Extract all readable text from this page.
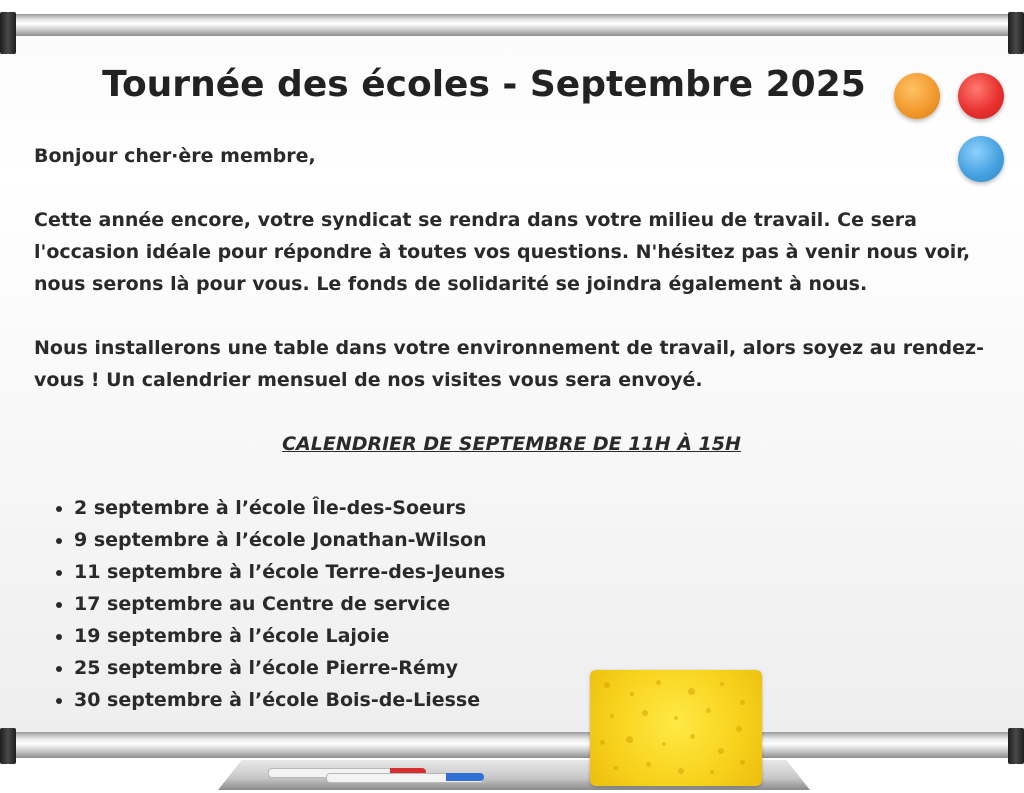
Tournée des écoles - Septembre 2025

Bonjour cher·ère membre,

Cette année encore, votre syndicat se rendra dans votre milieu de travail. Ce sera l'occasion idéale pour répondre à toutes vos questions. N'hésitez pas à venir nous voir, nous serons là pour vous. Le fonds de solidarité se joindra également à nous.

Nous installerons une table dans votre environnement de travail, alors soyez au rendez-vous ! Un calendrier mensuel de nos visites vous sera envoyé.

CALENDRIER DE SEPTEMBRE DE 11H À 15H
• 2 septembre à l’école Île-des-Soeurs
• 9 septembre à l’école Jonathan-Wilson
• 11 septembre à l’école Terre-des-Jeunes
• 17 septembre au Centre de service
• 19 septembre à l’école Lajoie
• 25 septembre à l’école Pierre-Rémy
• 30 septembre à l’école Bois-de-Liesse
